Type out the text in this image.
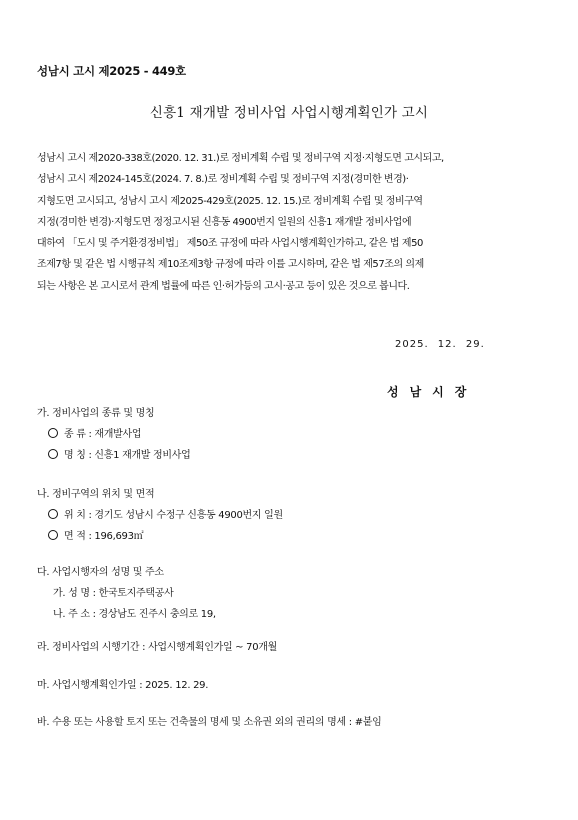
성남시 고시 제2025 - 449호
신흥1 재개발 정비사업 사업시행계획인가 고시
성남시 고시 제2020-338호(2020. 12. 31.)로 정비계획 수립 및 정비구역 지정·지형도면 고시되고,
성남시 고시 제2024-145호(2024. 7. 8.)로 정비계획 수립 및 정비구역 지정(경미한 변경)·
지형도면 고시되고, 성남시 고시 제2025-429호(2025. 12. 15.)로 정비계획 수립 및 정비구역
지정(경미한 변경)·지형도면 정정고시된 신흥동 4900번지 일원의 신흥1 재개발 정비사업에
대하여 「도시 및 주거환경정비법」 제50조 규정에 따라 사업시행계획인가하고, 같은 법 제50
조제7항 및 같은 법 시행규칙 제10조제3항 규정에 따라 이를 고시하며, 같은 법 제57조의 의제
되는 사항은 본 고시로서 관계 법률에 따른 인·허가등의 고시·공고 등이 있은 것으로 봅니다.
2025. 12. 29.
성남시장
가. 정비사업의 종류 및 명칭
종 류 : 재개발사업
명 칭 : 신흥1 재개발 정비사업
나. 정비구역의 위치 및 면적
위 치 : 경기도 성남시 수정구 신흥동 4900번지 일원
면 적 : 196,693㎡
다. 사업시행자의 성명 및 주소
가. 성 명 : 한국토지주택공사
나. 주 소 : 경상남도 진주시 충의로 19,
라. 정비사업의 시행기간 : 사업시행계획인가일 ~ 70개월
마. 사업시행계획인가일 : 2025. 12. 29.
바. 수용 또는 사용할 토지 또는 건축물의 명세 및 소유권 외의 권리의 명세 : #붙임
